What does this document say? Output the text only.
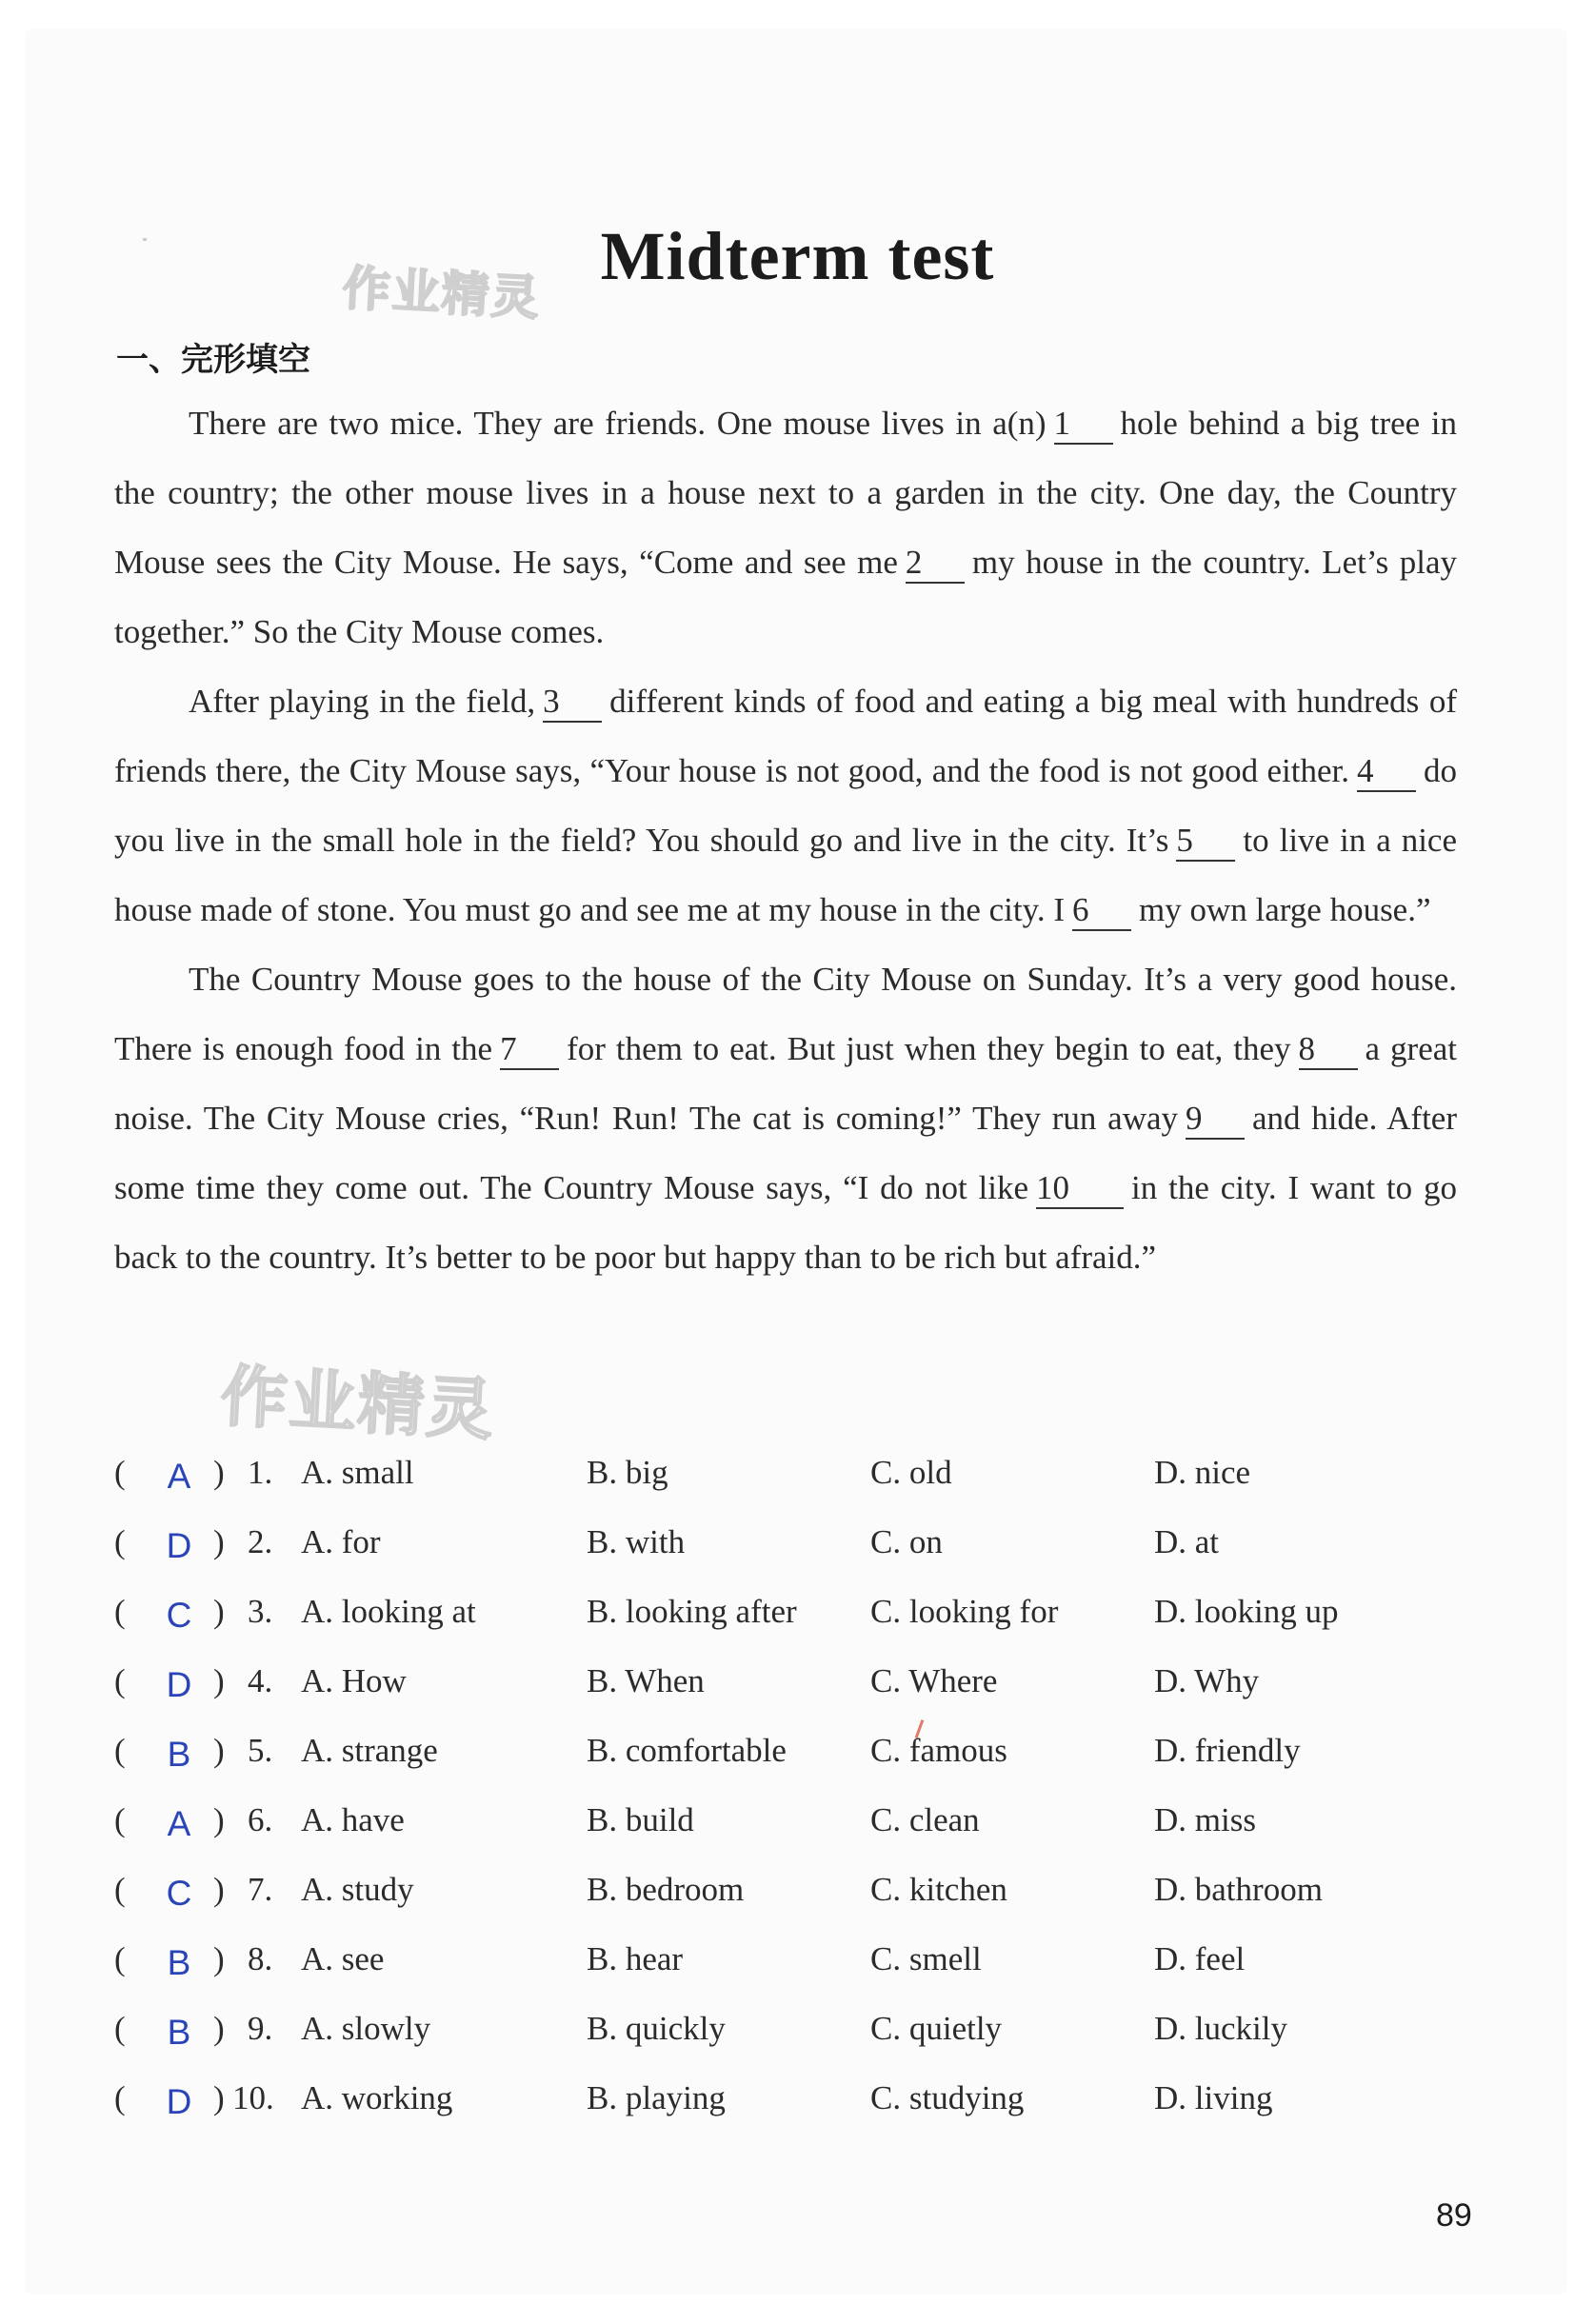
作业精灵 Midterm test
一、完形填空

There are two mice. They are friends. One mouse lives in a(n) 1 hole behind a big tree in the country; the other mouse lives in a house next to a garden in the city. One day, the Country Mouse sees the City Mouse. He says, “Come and see me 2 my house in the country. Let’s play together.” So the City Mouse comes.

After playing in the field, 3 different kinds of food and eating a big meal with hundreds of friends there, the City Mouse says, “Your house is not good, and the food is not good either. 4 do you live in the small hole in the field? You should go and live in the city. It’s 5 to live in a nice house made of stone. You must go and see me at my house in the city. I 6 my own large house.”

The Country Mouse goes to the house of the City Mouse on Sunday. It’s a very good house. There is enough food in the 7 for them to eat. But just when they begin to eat, they 8 a great noise. The City Mouse cries, “Run! Run! The cat is coming!” They run away 9 and hide. After some time they come out. The Country Mouse says, “I do not like 10 in the city. I want to go back to the country. It’s better to be poor but happy than to be rich but afraid.”

作业精灵
(	A ) 1. A. small	B. big	C. old	D. nice
( D ) 2. A. for	B. with	C. on	D. at
( C ) 3. A. looking at	B. looking after C. looking for	D. looking up
( D ) 4. A. How	B. When	C. Where	D. Why
(	B ) 5. A. strange	B. comfortable	C. famous	D. friendly
(	A ) 6. A. have	B. build	C. clean	D. miss
( C ) 7. A. study	B. bedroom	C. kitchen	D. bathroom
(	B ) 8. A. see	B. hear	C. smell	D. feel
(	B ) 9. A. slowly	B. quickly	C. quietly	D. luckily
( D ) 10. A. working	B. playing	C. studying	D. living
89
